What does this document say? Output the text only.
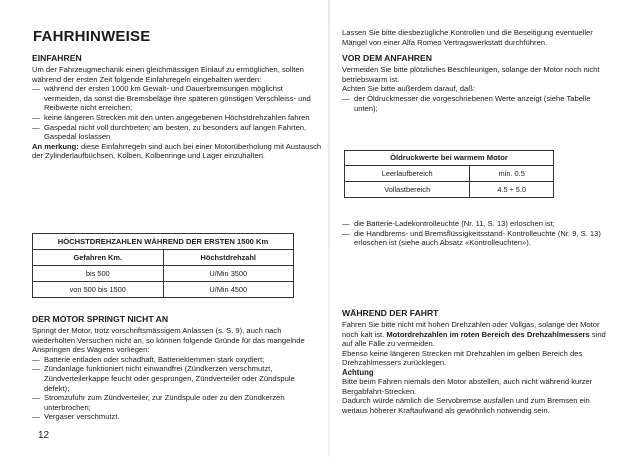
FAHRHINWEISE
EINFAHREN

Um der Fahrzeugmechanik einen gleichmässigen Einlauf zu ermöglichen, sollten während der ersten Zeit folgende Einfahrregeln eingehalten werden:

— während der ersten 1000 km Gewalt- und Dauerbremsungen möglichst vermeiden, da sonst die Bremsbeläge ihre späteren günstigen Verschleiss- und Reibwerte nicht erreichen;
— keine längeren Strecken mit den unten angegebenen Höchstdrehzahlen fahren
— Gaspedal nicht voll durchtreten; am besten, zu besonders auf langen Fahrten, Gaspedal loslassen

An merkung: diese Einfahrregeln sind auch bei einer Motorüberholung mit Austausch der Zylinderlaufbüchsen, Kolben, Kolbenringe und Lager einzuhalten.

HÖCHSTDREHZAHLEN WÄHREND DER ERSTEN 1500 Km
Gefahren Km.	Höchstdrehzahl
bis 500	U/Min 3500
von 500 bis 1500	U/Min 4500
DER MOTOR SPRINGT NICHT AN

Springt der Motor, trotz vorschriftsmässigem Anlassen (s. S. 9), auch nach wiederholten Versuchen nicht an, so können folgende Gründe für das mangelnde Anspringen des Wagens vorliegen:

— Batterie entladen oder schadhaft, Batterieklemmen stark oxydiert;
— Zündanlage funktioniert nicht einwandfrei (Zündkerzen verschmutzt, Zündverteilerkappe feucht oder gesprungen, Zündverteiler oder Zündspule defekt);
— Stromzufuhr zum Zündverteiler, zur Zündspule oder zu den Zündkerzen unterbrochen;
— Vergaser verschmutzt.
12

Lassen Sie bitte diesbezügliche Kontrollen und die Beseitigung eventueller Mängel von einer Alfa Romeo Vertragswerkstatt durchführen.

VOR DEM ANFAHREN

Vermeiden Sie bitte plötzliches Beschleunigen, solange der Motor noch nicht betriebswarm ist.

Achten Sie bitte außerdem darauf, daß:

— der Öldruckmesser die vorgeschriebenen Werte anzeigt (siehe Tabelle unten);
Öldruckwerte bei warmem Motor
Leerlaufbereich	min. 0.5
Vollastbereich	4.5 ÷ 5.0
— die Batterie-Ladekontrolleuchte (Nr. 11, S. 13) erloschen ist;
— die Handbrems- und Bremsflüssigkeitsstand- Kontrolleuchte (Nr. 9, S. 13) erloschen ist (siehe auch Absatz «Kontrolleuchten»).
WÄHREND DER FAHRT

Fahren Sie bitte nicht mit hohen Drehzahlen oder Vollgas, solange der Motor noch kalt ist. Motordrehzahlen im roten Bereich des Drehzahlmessers sind auf alle Fälle zu vermeiden.

Ebenso keine längeren Strecken mit Drehzahlen im gelben Bereich des Drehzahlmessers zurücklegen.

Achtung

Bitte beim Fahren niemals den Motor abstellen, auch nicht während kurzer Bergabfahrt-Strecken.

Dadurch würde nämlich die Servobremse ausfallen und zum Bremsen ein weitaus höherer Kraftaufwand als gewöhnlich notwendig sein.
